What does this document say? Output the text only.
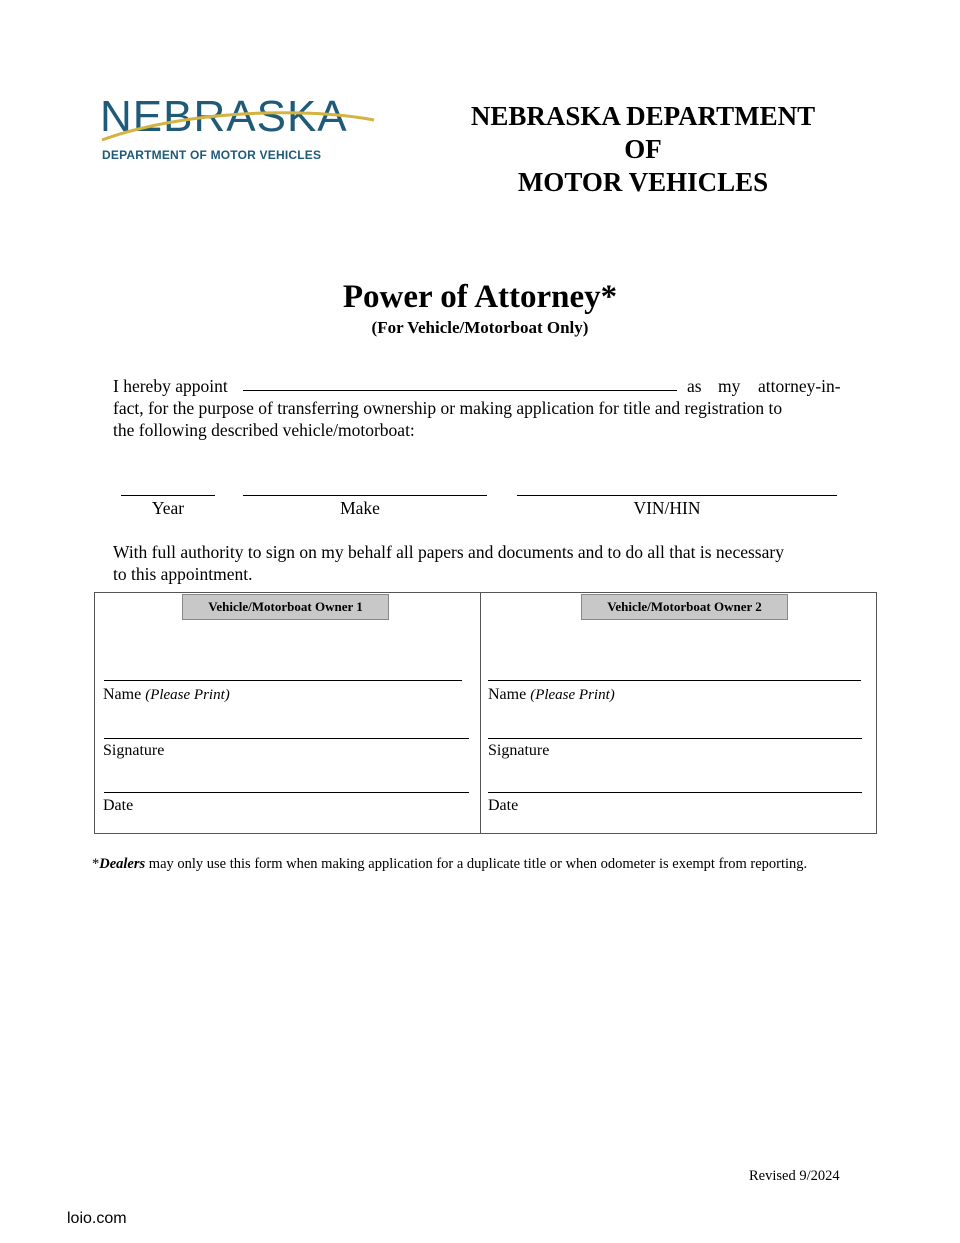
NEBRASKA
DEPARTMENT OF MOTOR VEHICLES
NEBRASKA DEPARTMENT
OF
MOTOR VEHICLES
Power of Attorney*
(For Vehicle/Motorboat Only)
I hereby appoint	as my attorney-in-
fact, for the purpose of transferring ownership or making application for title and registration to
the following described vehicle/motorboat:
Year	Make	VIN/HIN
With full authority to sign on my behalf all papers and documents and to do all that is necessary
to this appointment.
Vehicle/Motorboat Owner 1
Name (Please Print)
Signature
Date
Vehicle/Motorboat Owner 2
Name (Please Print)
Signature
Date
*Dealers may only use this form when making application for a duplicate title or when odometer is exempt from reporting.
Revised 9/2024
loio.com
